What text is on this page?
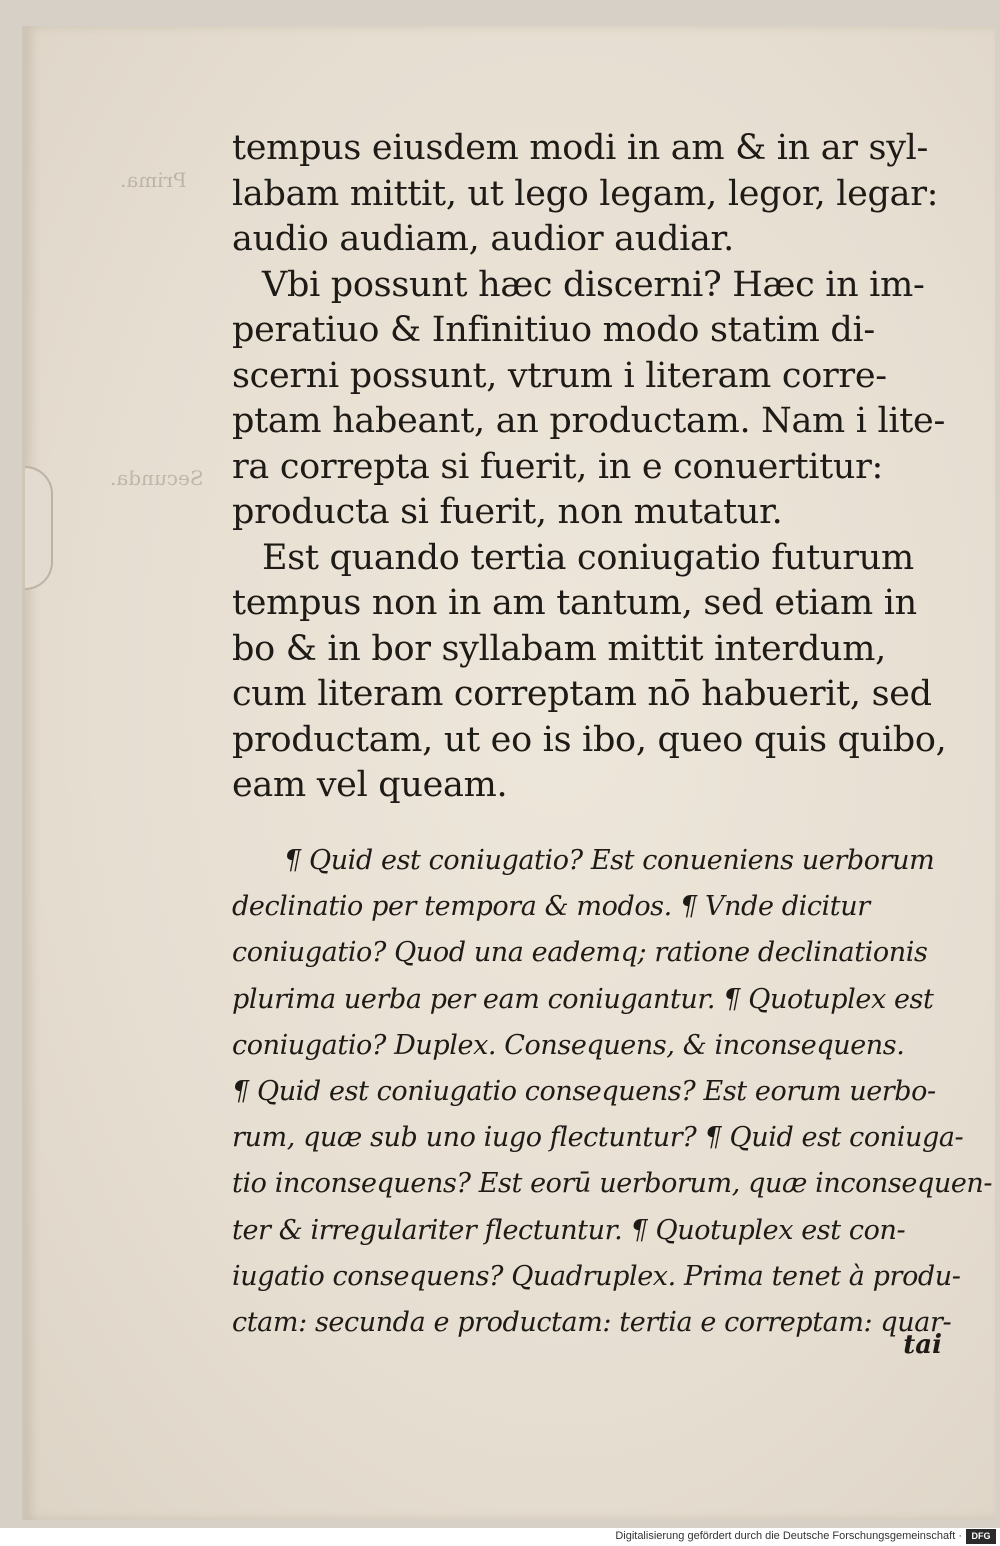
Prima.
Secunda.
tempus eiusdem modi in am & in ar syl-
labam mittit, ut lego legam, legor, legar:
audio audiam, audior audiar.
Vbi possunt hæc discerni? Hæc in im-
peratiuo & Infinitiuo modo statim di-
scerni possunt, vtrum i literam corre-
ptam habeant, an productam. Nam i lite-
ra correpta si fuerit, in e conuertitur:
producta si fuerit, non mutatur.
Est quando tertia coniugatio futurum
tempus non in am tantum, sed etiam in
bo & in bor syllabam mittit interdum,
cum literam correptam nō habuerit, sed
productam, ut eo is ibo, queo quis quibo,
eam vel queam.
¶ Quid est coniugatio? Est conueniens uerborum
declinatio per tempora & modos. ¶ Vnde dicitur
coniugatio? Quod una eademq; ratione declinationis
plurima uerba per eam coniugantur. ¶ Quotuplex est
coniugatio? Duplex. Consequens, & inconsequens.
¶ Quid est coniugatio consequens? Est eorum uerbo-
rum, quæ sub uno iugo flectuntur? ¶ Quid est coniuga-
tio inconsequens? Est eorū uerborum, quæ inconsequen-
ter & irregulariter flectuntur. ¶ Quotuplex est con-
iugatio consequens? Quadruplex. Prima tenet à produ-
ctam: secunda e productam: tertia e correptam: quar-
tai
Digitalisierung gefördert durch die Deutsche Forschungsgemeinschaft ·	DFG
